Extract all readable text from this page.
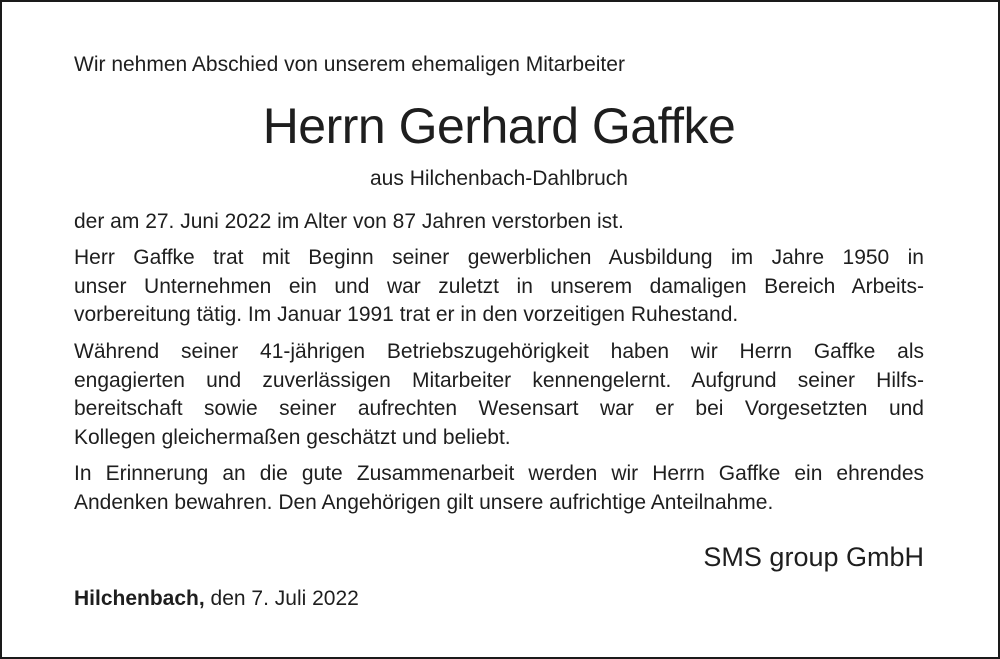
Wir nehmen Abschied von unserem ehemaligen Mitarbeiter
Herrn Gerhard Gaffke
aus Hilchenbach-Dahlbruch

der am 27. Juni 2022 im Alter von 87 Jahren verstorben ist.

Herr Gaffke trat mit Beginn seiner gewerblichen Ausbildung im Jahre 1950 in
unser Unternehmen ein und war zuletzt in unserem damaligen Bereich Arbeits-
vorbereitung tätig. Im Januar 1991 trat er in den vorzeitigen Ruhestand.

Während seiner 41-jährigen Betriebszugehörigkeit haben wir Herrn Gaffke als
engagierten und zuverlässigen Mitarbeiter kennengelernt. Aufgrund seiner Hilfs-
bereitschaft sowie seiner aufrechten Wesensart war er bei Vorgesetzten und
Kollegen gleichermaßen geschätzt und beliebt.

In Erinnerung an die gute Zusammenarbeit werden wir Herrn Gaffke ein ehrendes
Andenken bewahren. Den Angehörigen gilt unsere aufrichtige Anteilnahme.

SMS group GmbH
Hilchenbach, den 7. Juli 2022
